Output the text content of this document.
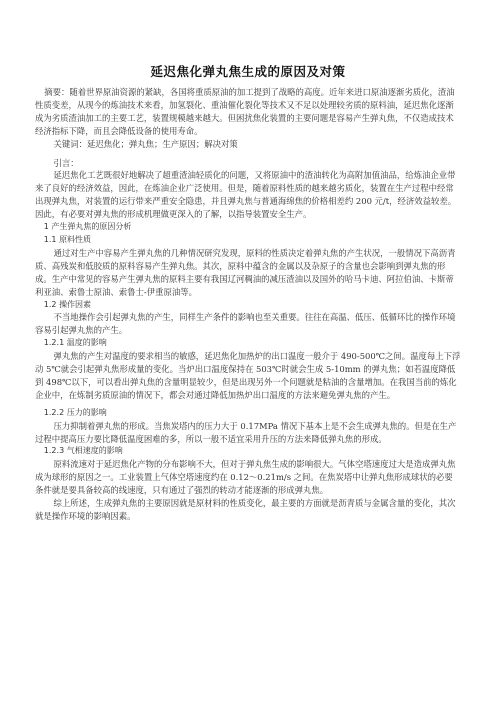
延迟焦化弹丸焦生成的原因及对策

摘要：随着世界原油资源的紧缺，各国将重质原油的加工提到了战略的高度。近年来进口原油逐渐劣质化，渣油性质变差，从现今的炼油技术来看，加氢裂化、重油催化裂化等技术又不足以处理较劣质的原料油，延迟焦化逐渐成为劣质渣油加工的主要工艺，装置规模越来越大。但困扰焦化装置的主要问题是容易产生弹丸焦，不仅造成技术经济指标下降，而且会降低设备的使用寿命。

关键词：延迟焦化；弹丸焦；生产原因；解决对策

引言：

延迟焦化工艺既很好地解决了超重渣油轻质化的问题，又将原油中的渣油转化为高附加值油品，给炼油企业带来了良好的经济效益，因此，在炼油企业广泛使用。但是，随着原料性质的越来越劣质化，装置在生产过程中经常出现弹丸焦，对装置的运行带来严重安全隐患，并且弹丸焦与普通海绵焦的价格相差约 200 元/t，经济效益较差。因此，有必要对弹丸焦的形成机理做更深入的了解，以指导装置安全生产。

1 产生弹丸焦的原因分析

1.1 原料性质

通过对生产中容易产生弹丸焦的几种情况研究发现，原料的性质决定着弹丸焦的产生状况，一般情况下高沥青质、高残炭和低胶质的原料容易产生弹丸焦。其次，原料中蕴含的金属以及杂原子的含量也会影响到弹丸焦的形成。生产中常见的容易产生弹丸焦的原料主要有我国辽河稠油的减压渣油以及国外的哈马卡迪、阿拉伯油、卡斯蒂利亚油、索鲁士原油、索鲁士-伊重原油等。

1.2 操作因素

不当地操作会引起弹丸焦的产生，同样生产条件的影响也至关重要。往往在高温、低压、低循环比的操作环境容易引起弹丸焦的产生。

1.2.1 温度的影响

弹丸焦的产生对温度的要求相当的敏感，延迟焦化加热炉的出口温度一般介于 490-500℃之间。温度每上下浮动 5℃就会引起弹丸焦形成量的变化。当炉出口温度保持在 503℃时就会生成 5-10mm 的弹丸焦；如若温度降低到 498℃以下，可以看出弹丸焦的含量明显较少，但是出现另外一个问题就是粘油的含量增加。在我国当前的炼化企业中，在炼制劣质原油的情况下，都会对通过降低加热炉出口温度的方法来避免弹丸焦的产生。

1.2.2 压力的影响

压力抑制着弹丸焦的形成。当焦炭塔内的压力大于 0.17MPa 情况下基本上是不会生成弹丸焦的。但是在生产过程中提高压力要比降低温度困难的多，所以一般不适宜采用升压的方法来降低弹丸焦的形成。

1.2.3 气相速度的影响

原料流速对于延迟焦化产物的分布影响不大，但对于弹丸焦生成的影响很大。气体空塔速度过大是造成弹丸焦成为球形的原因之一。工业装置上气体空塔速度约在 0.12～0.21m/s 之间。在焦炭塔中让弹丸焦形成球状的必要条件就是要具备较高的线速度，只有通过了强烈的转动才能逐渐的形成弹丸焦。

综上所述，生成弹丸焦的主要原因就是原材料的性质变化，最主要的方面就是沥青质与金属含量的变化，其次就是操作环境的影响因素。
